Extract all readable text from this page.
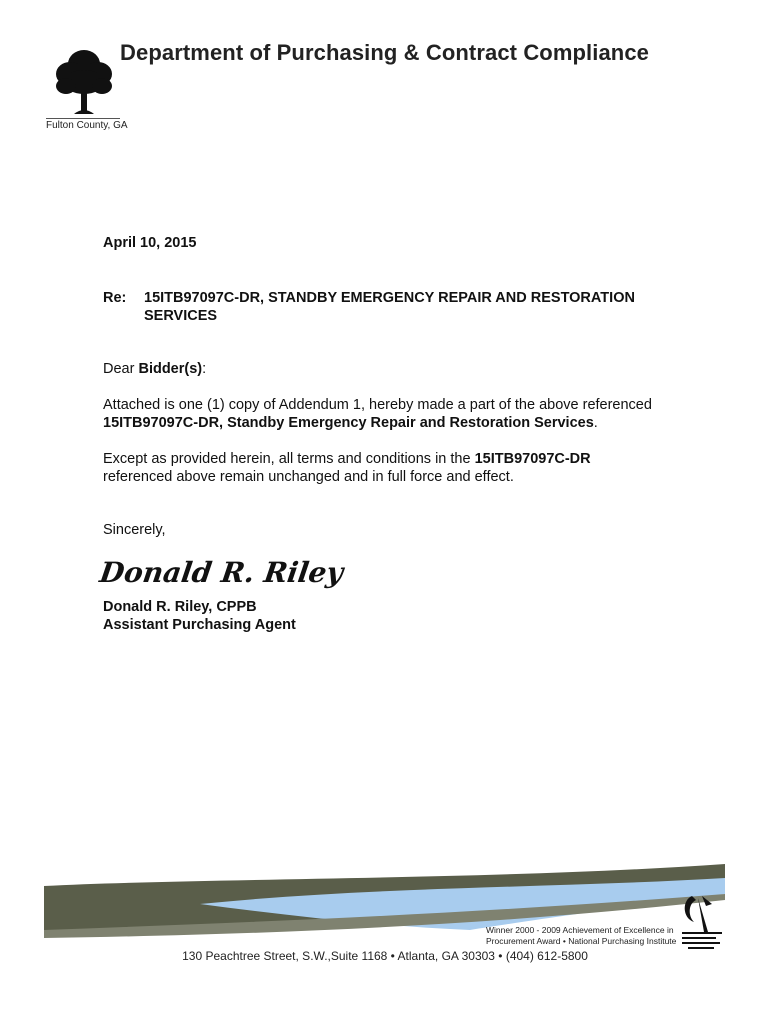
Fulton County, GA
Department of Purchasing & Contract Compliance
April 10, 2015
Re: 15ITB97097C-DR, STANDBY EMERGENCY REPAIR AND RESTORATION
SERVICES
Dear Bidder(s):
Attached is one (1) copy of Addendum 1, hereby made a part of the above referenced
15ITB97097C-DR, Standby Emergency Repair and Restoration Services.
Except as provided herein, all terms and conditions in the 15ITB97097C-DR
referenced above remain unchanged and in full force and effect.
Sincerely,
Donald R. Riley
Donald R. Riley, CPPB
Assistant Purchasing Agent
Winner 2000 - 2009 Achievement of Excellence in
Procurement Award • National Purchasing Institute
130 Peachtree Street, S.W.,Suite 1168 • Atlanta, GA 30303 • (404) 612-5800
